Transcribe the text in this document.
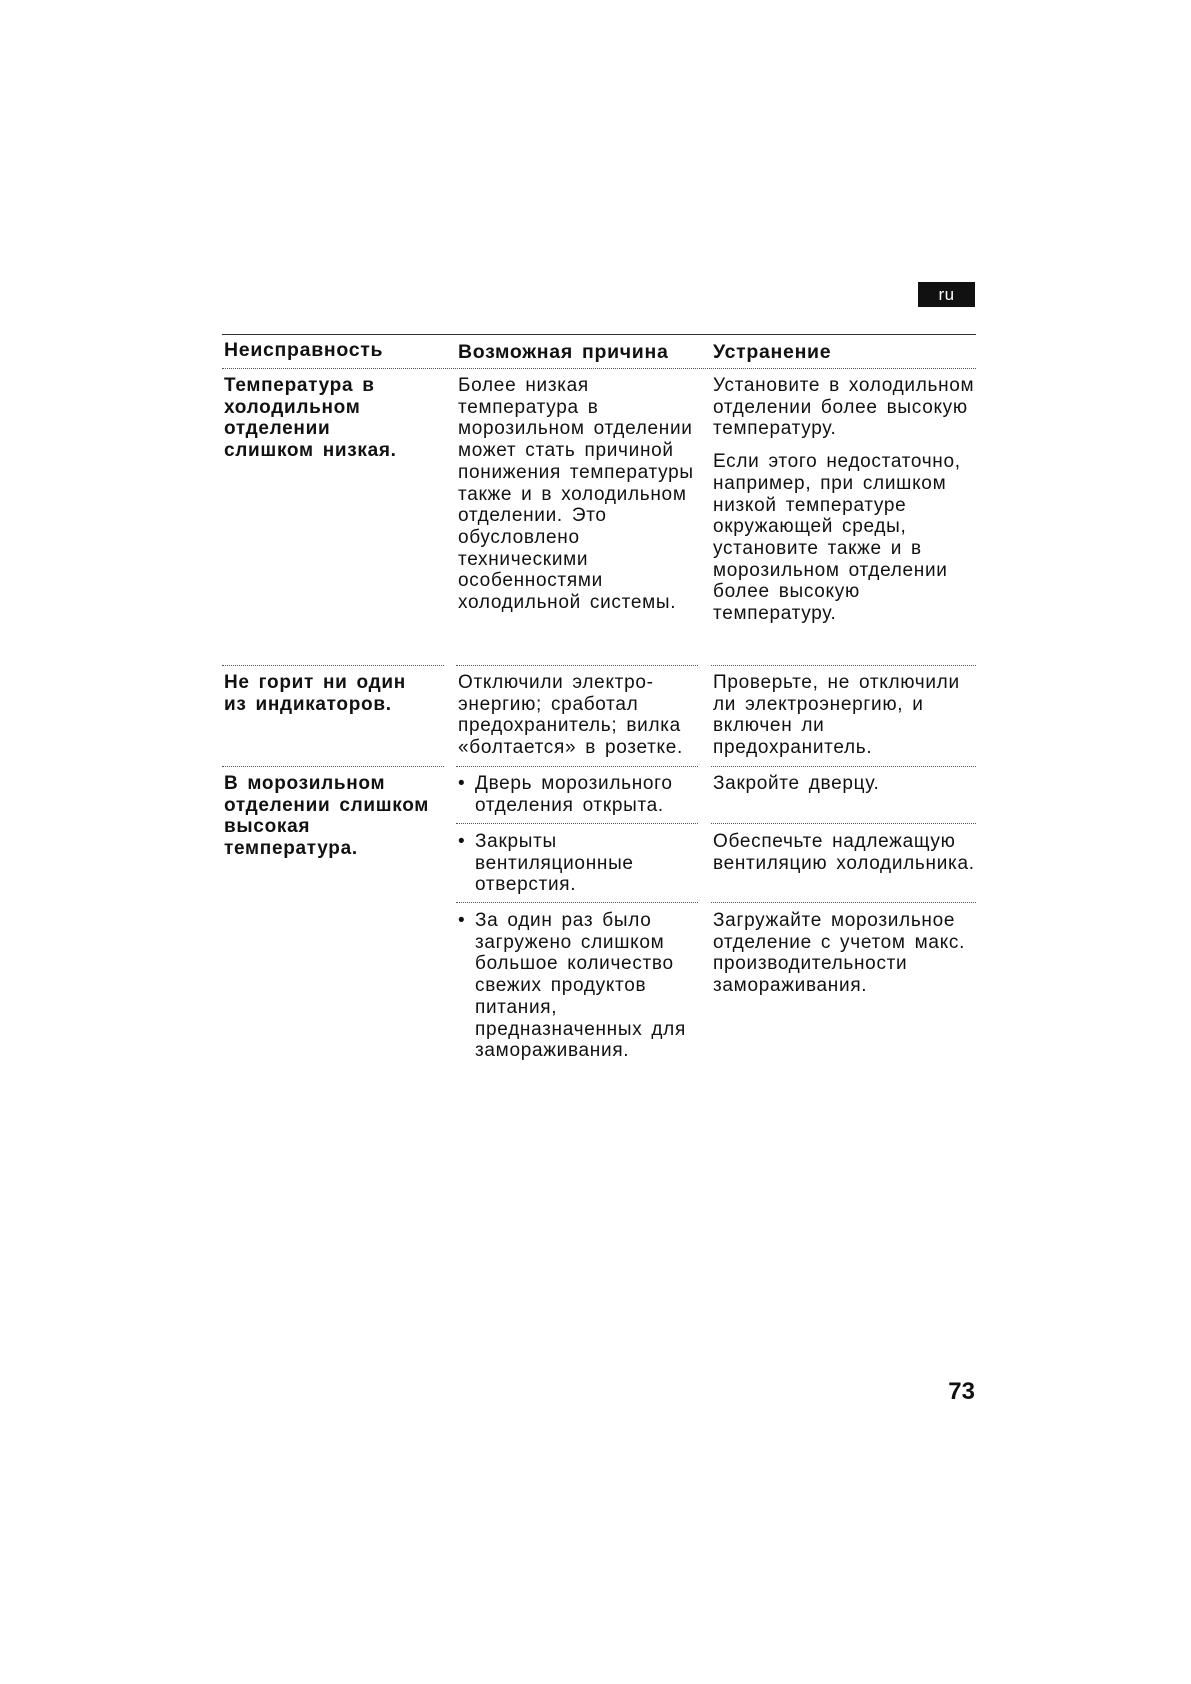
ru
Неисправность	Возможная причина	Устранение
Температура в холодильном отделении слишком низкая.
Более низкая температура в морозильном отделении может стать причиной понижения температуры также и в холодильном отделении. Это обусловлено техническими особенностями холодильной системы.

Установите в холодильном отделении более высокую температуру.

Если этого недостаточно, например, при слишком низкой температуре окружающей среды, установите также и в морозильном отделении более высокую температуру.

Не горит ни один из индикаторов.
Отключили электро-энергию; сработал предохранитель; вилка «болтается» в розетке.
Проверьте, не отключили ли электроэнергию, и включен ли предохранитель.
В морозильном отделении слишком высокая температура.
• Дверь морозильного отделения открыта.
Закройте дверцу.
• Закрыты вентиляционные отверстия.
Обеспечьте надлежащую вентиляцию холодильника.
• За один раз было загружено слишком большое количество свежих продуктов питания, предназначенных для замораживания.
Загружайте морозильное отделение с учетом макс. производительности замораживания.
73
